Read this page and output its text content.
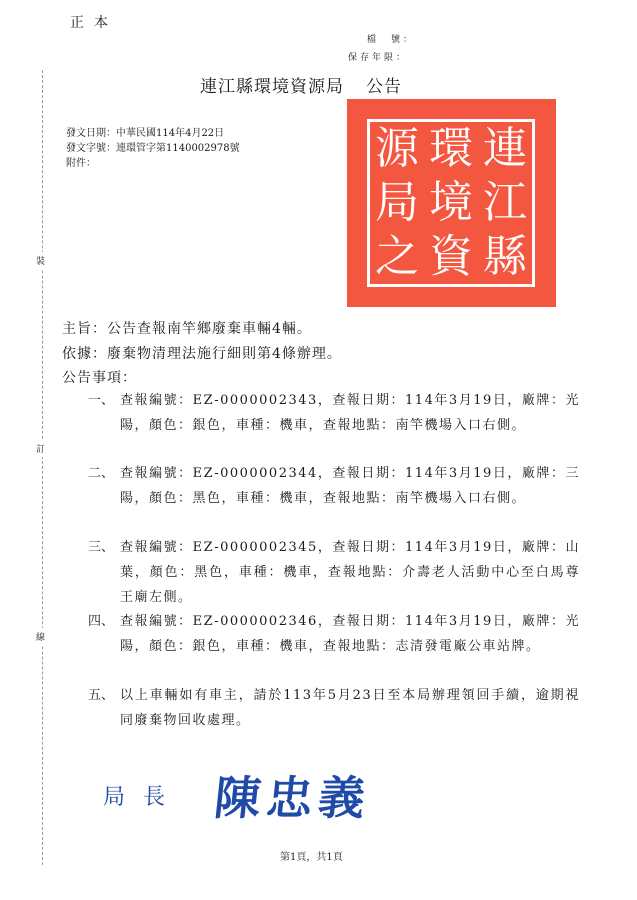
正本
檔　號：
保存年限：
裝
訂
線
連江縣環境資源局 公告
發文日期：中華民國114年4月22日
發文字號：連環管字第1140002978號
附件：	連
江
縣
環
境
資
源
局
之
主旨：公告查報南竿鄉廢棄車輛4輛。
依據：廢棄物清理法施行細則第4條辦理。
公告事項：
一、 查報編號：EZ-0000002343，查報日期：114年3月19日，廠牌：光陽，顏色：銀色，車種：機車，查報地點：南竿機場入口右側。
二、 查報編號：EZ-0000002344，查報日期：114年3月19日，廠牌：三陽，顏色：黑色，車種：機車，查報地點：南竿機場入口右側。
三、 查報編號：EZ-0000002345，查報日期：114年3月19日，廠牌：山葉，顏色：黑色，車種：機車，查報地點：介壽老人活動中心至白馬尊王廟左側。
四、 查報編號：EZ-0000002346，查報日期：114年3月19日，廠牌：光陽，顏色：銀色，車種：機車，查報地點：志清發電廠公車站牌。
五、 以上車輛如有車主，請於113年5月23日至本局辦理領回手續，逾期視同廢棄物回收處理。
局長 陳忠義
第1頁，共1頁
